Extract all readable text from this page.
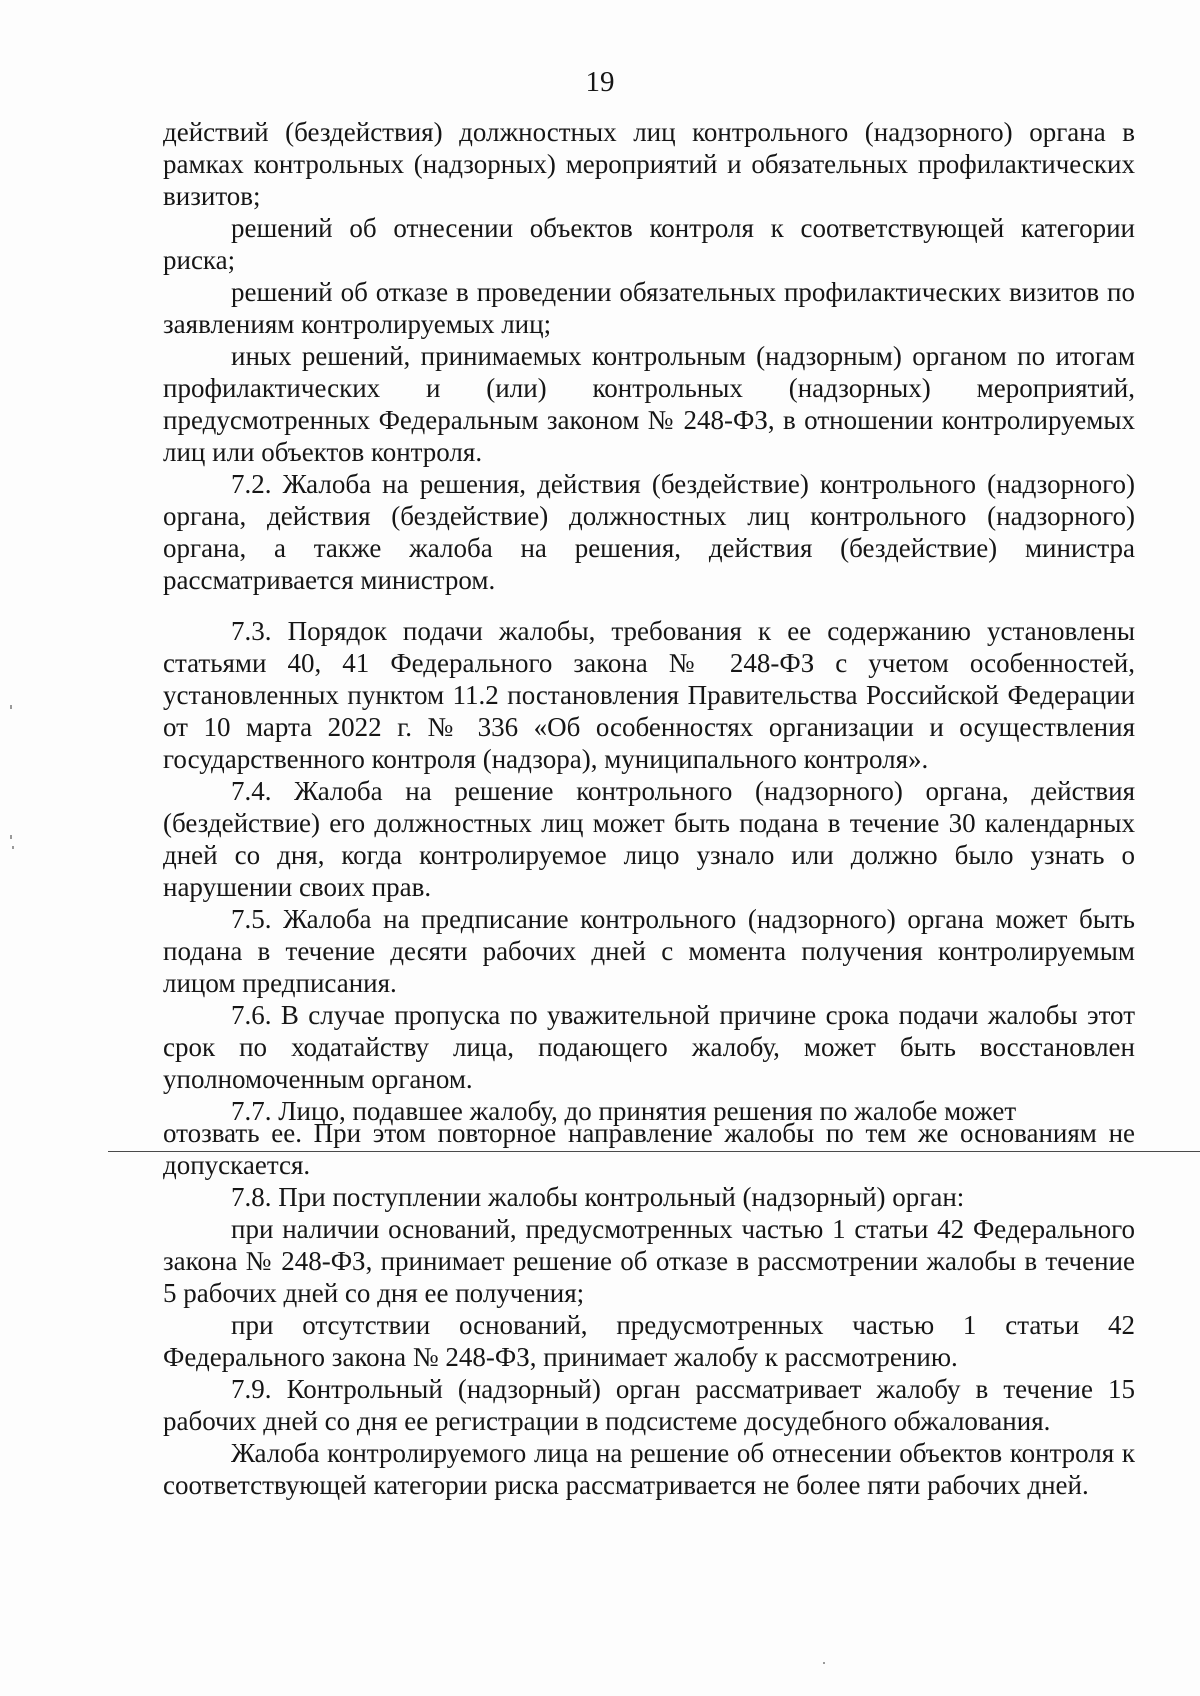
19

действий (бездействия) должностных лиц контрольного (надзорного) органа в рамках контрольных (надзорных) мероприятий и обязательных профилактических визитов;

решений об отнесении объектов контроля к соответствующей категории риска;

решений об отказе в проведении обязательных профилактических визитов по заявлениям контролируемых лиц;

иных решений, принимаемых контрольным (надзорным) органом по итогам профилактических и (или) контрольных (надзорных) мероприятий, предусмотренных Федеральным законом № 248-ФЗ, в отношении контролируемых лиц или объектов контроля.

7.2. Жалоба на решения, действия (бездействие) контрольного (надзорного) органа, действия (бездействие) должностных лиц контрольного (надзорного) органа, а также жалоба на решения, действия (бездействие) министра рассматривается министром.

7.3. Порядок подачи жалобы, требования к ее содержанию установлены статьями 40, 41 Федерального закона № 248-ФЗ с учетом особенностей, установленных пунктом 11.2 постановления Правительства Российской Федерации от 10 марта 2022 г. № 336 «Об особенностях организации и осуществления государственного контроля (надзора), муниципального контроля».

7.4. Жалоба на решение контрольного (надзорного) органа, действия (бездействие) его должностных лиц может быть подана в течение 30 календарных дней со дня, когда контролируемое лицо узнало или должно было узнать о нарушении своих прав.

7.5. Жалоба на предписание контрольного (надзорного) органа может быть подана в течение десяти рабочих дней с момента получения контролируемым лицом предписания.

7.6. В случае пропуска по уважительной причине срока подачи жалобы этот срок по ходатайству лица, подающего жалобу, может быть восстановлен уполномоченным органом.

7.7. Лицо, подавшее жалобу, до принятия решения по жалобе может

отозвать ее. При этом повторное направление жалобы по тем же основаниям не допускается.

7.8. При поступлении жалобы контрольный (надзорный) орган:

при наличии оснований, предусмотренных частью 1 статьи 42 Федерального закона № 248-ФЗ, принимает решение об отказе в рассмотрении жалобы в течение 5 рабочих дней со дня ее получения;

при отсутствии оснований, предусмотренных частью 1 статьи 42 Федерального закона № 248-ФЗ, принимает жалобу к рассмотрению.

7.9. Контрольный (надзорный) орган рассматривает жалобу в течение 15 рабочих дней со дня ее регистрации в подсистеме досудебного обжалования.

Жалоба контролируемого лица на решение об отнесении объектов контроля к соответствующей категории риска рассматривается не более пяти рабочих дней.
